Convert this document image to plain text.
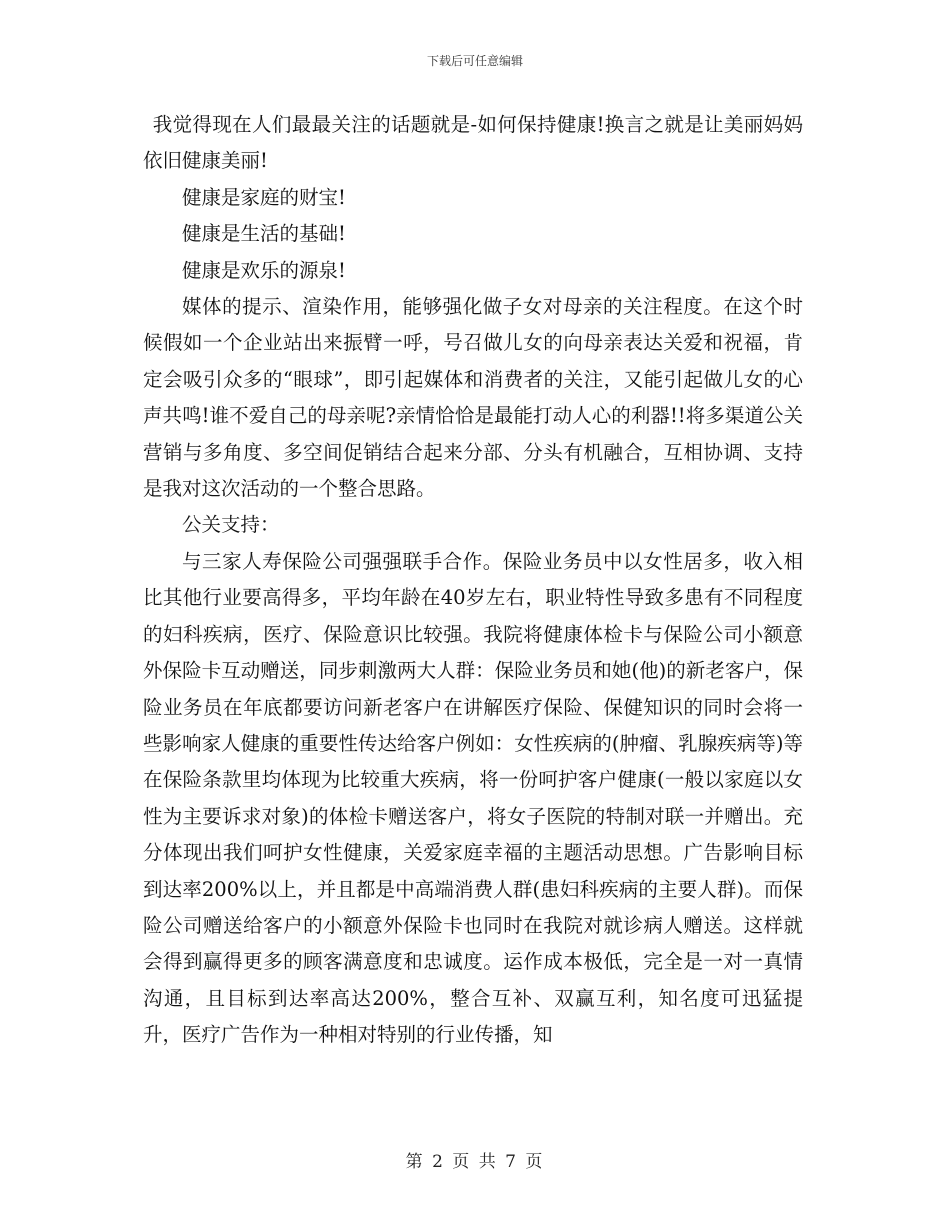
下载后可任意编辑

我觉得现在人们最最关注的话题就是-如何保持健康!换言之就是让美丽妈妈依旧健康美丽!

健康是家庭的财宝!

健康是生活的基础!

健康是欢乐的源泉!

媒体的提示、渲染作用，能够强化做子女对母亲的关注程度。在这个时候假如一个企业站出来振臂一呼，号召做儿女的向母亲表达关爱和祝福，肯定会吸引众多的“眼球”，即引起媒体和消费者的关注，又能引起做儿女的心声共鸣!谁不爱自己的母亲呢?亲情恰恰是最能打动人心的利器!!将多渠道公关营销与多角度、多空间促销结合起来分部、分头有机融合，互相协调、支持是我对这次活动的一个整合思路。

公关支持：

与三家人寿保险公司强强联手合作。保险业务员中以女性居多，收入相比其他行业要高得多，平均年龄在40岁左右，职业特性导致多患有不同程度的妇科疾病，医疗、保险意识比较强。我院将健康体检卡与保险公司小额意外保险卡互动赠送，同步刺激两大人群：保险业务员和她(他)的新老客户，保险业务员在年底都要访问新老客户在讲解医疗保险、保健知识的同时会将一些影响家人健康的重要性传达给客户例如：女性疾病的(肿瘤、乳腺疾病等)等在保险条款里均体现为比较重大疾病，将一份呵护客户健康(一般以家庭以女性为主要诉求对象)的体检卡赠送客户，将女子医院的特制对联一并赠出。充分体现出我们呵护女性健康，关爱家庭幸福的主题活动思想。广告影响目标到达率200%以上，并且都是中高端消费人群(患妇科疾病的主要人群)。而保险公司赠送给客户的小额意外保险卡也同时在我院对就诊病人赠送。这样就会得到赢得更多的顾客满意度和忠诚度。运作成本极低，完全是一对一真情沟通，且目标到达率高达200%，整合互补、双赢互利，知名度可迅猛提升，医疗广告作为一种相对特别的行业传播，知

第 2 页 共 7 页
